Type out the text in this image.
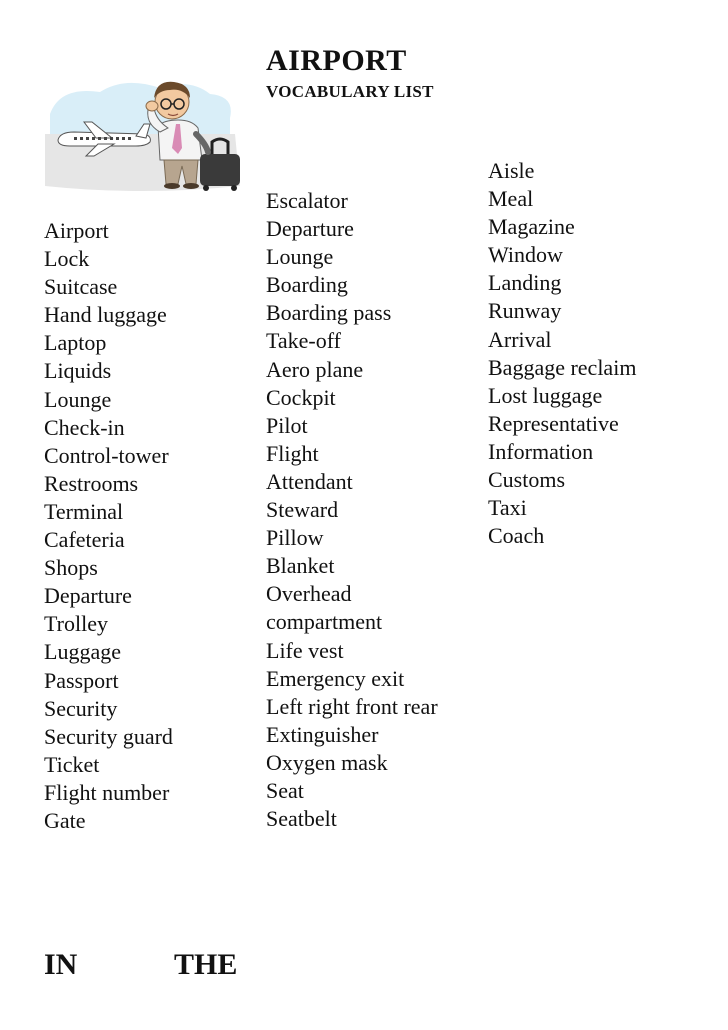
AIRPORT
VOCABULARY LIST
Airport
Lock
Suitcase
Hand luggage
Laptop
Liquids
Lounge
Check-in
Control-tower
Restrooms
Terminal
Cafeteria
Shops
Departure
Trolley
Luggage
Passport
Security
Security guard
Ticket
Flight number
Gate
Escalator
Departure
Lounge
Boarding
Boarding pass
Take-off
Aero plane
Cockpit
Pilot
Flight
Attendant
Steward
Pillow
Blanket
Overhead
compartment
Life vest
Emergency exit
Left right front rear
Extinguisher
Oxygen mask
Seat
Seatbelt
Aisle
Meal
Magazine
Window
Landing
Runway
Arrival
Baggage reclaim
Lost luggage
Representative
Information
Customs
Taxi
Coach
IN	THE
